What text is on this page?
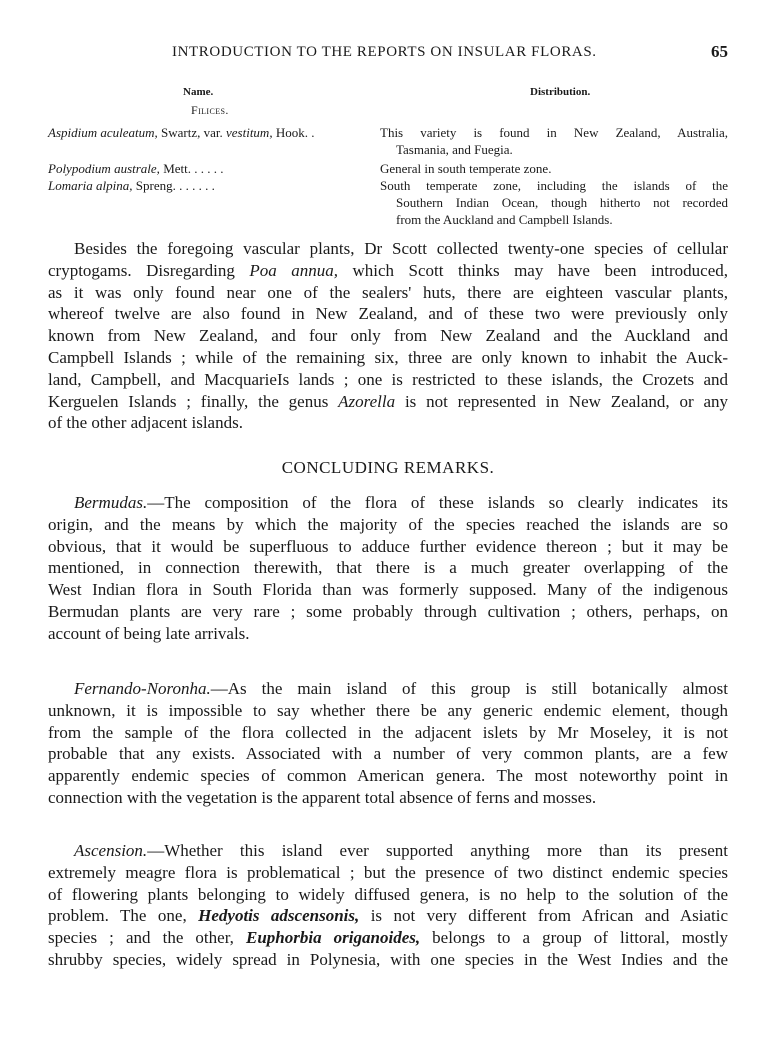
INTRODUCTION TO THE REPORTS ON INSULAR FLORAS.	65
Name.	Distribution.
Filices.
Aspidium aculeatum, Swartz, var. vestitum, Hook. .	This variety is found in New Zealand, Australia,
Tasmania, and Fuegia.
Polypodium australe, Mett. . . . . .	General in south temperate zone.
Lomaria alpina, Spreng. . . . . . .	South temperate zone, including the islands of the
Southern Indian Ocean, though hitherto not recorded
from the Auckland and Campbell Islands.
Besides the foregoing vascular plants, Dr Scott collected twenty-one species of cellular
cryptogams. Disregarding Poa annua, which Scott thinks may have been introduced,
as it was only found near one of the sealers' huts, there are eighteen vascular plants,
whereof twelve are also found in New Zealand, and of these two were previously only
known from New Zealand, and four only from New Zealand and the Auckland and
Campbell Islands ; while of the remaining six, three are only known to inhabit the Auck-
land, Campbell, and MacquarieIs lands ; one is restricted to these islands, the Crozets and
Kerguelen Islands ; finally, the genus Azorella is not represented in New Zealand, or any
of the other adjacent islands.
CONCLUDING REMARKS.
Bermudas.—The composition of the flora of these islands so clearly indicates its
origin, and the means by which the majority of the species reached the islands are so
obvious, that it would be superfluous to adduce further evidence thereon ; but it may be
mentioned, in connection therewith, that there is a much greater overlapping of the
West Indian flora in South Florida than was formerly supposed. Many of the indigenous
Bermudan plants are very rare ; some probably through cultivation ; others, perhaps, on
account of being late arrivals.
Fernando-Noronha.—As the main island of this group is still botanically almost
unknown, it is impossible to say whether there be any generic endemic element, though
from the sample of the flora collected in the adjacent islets by Mr Moseley, it is not
probable that any exists. Associated with a number of very common plants, are a few
apparently endemic species of common American genera. The most noteworthy point in
connection with the vegetation is the apparent total absence of ferns and mosses.
Ascension.—Whether this island ever supported anything more than its present
extremely meagre flora is problematical ; but the presence of two distinct endemic species
of flowering plants belonging to widely diffused genera, is no help to the solution of the
problem. The one, Hedyotis adscensonis, is not very different from African and Asiatic
species ; and the other, Euphorbia origanoides, belongs to a group of littoral, mostly
shrubby species, widely spread in Polynesia, with one species in the West Indies and the
